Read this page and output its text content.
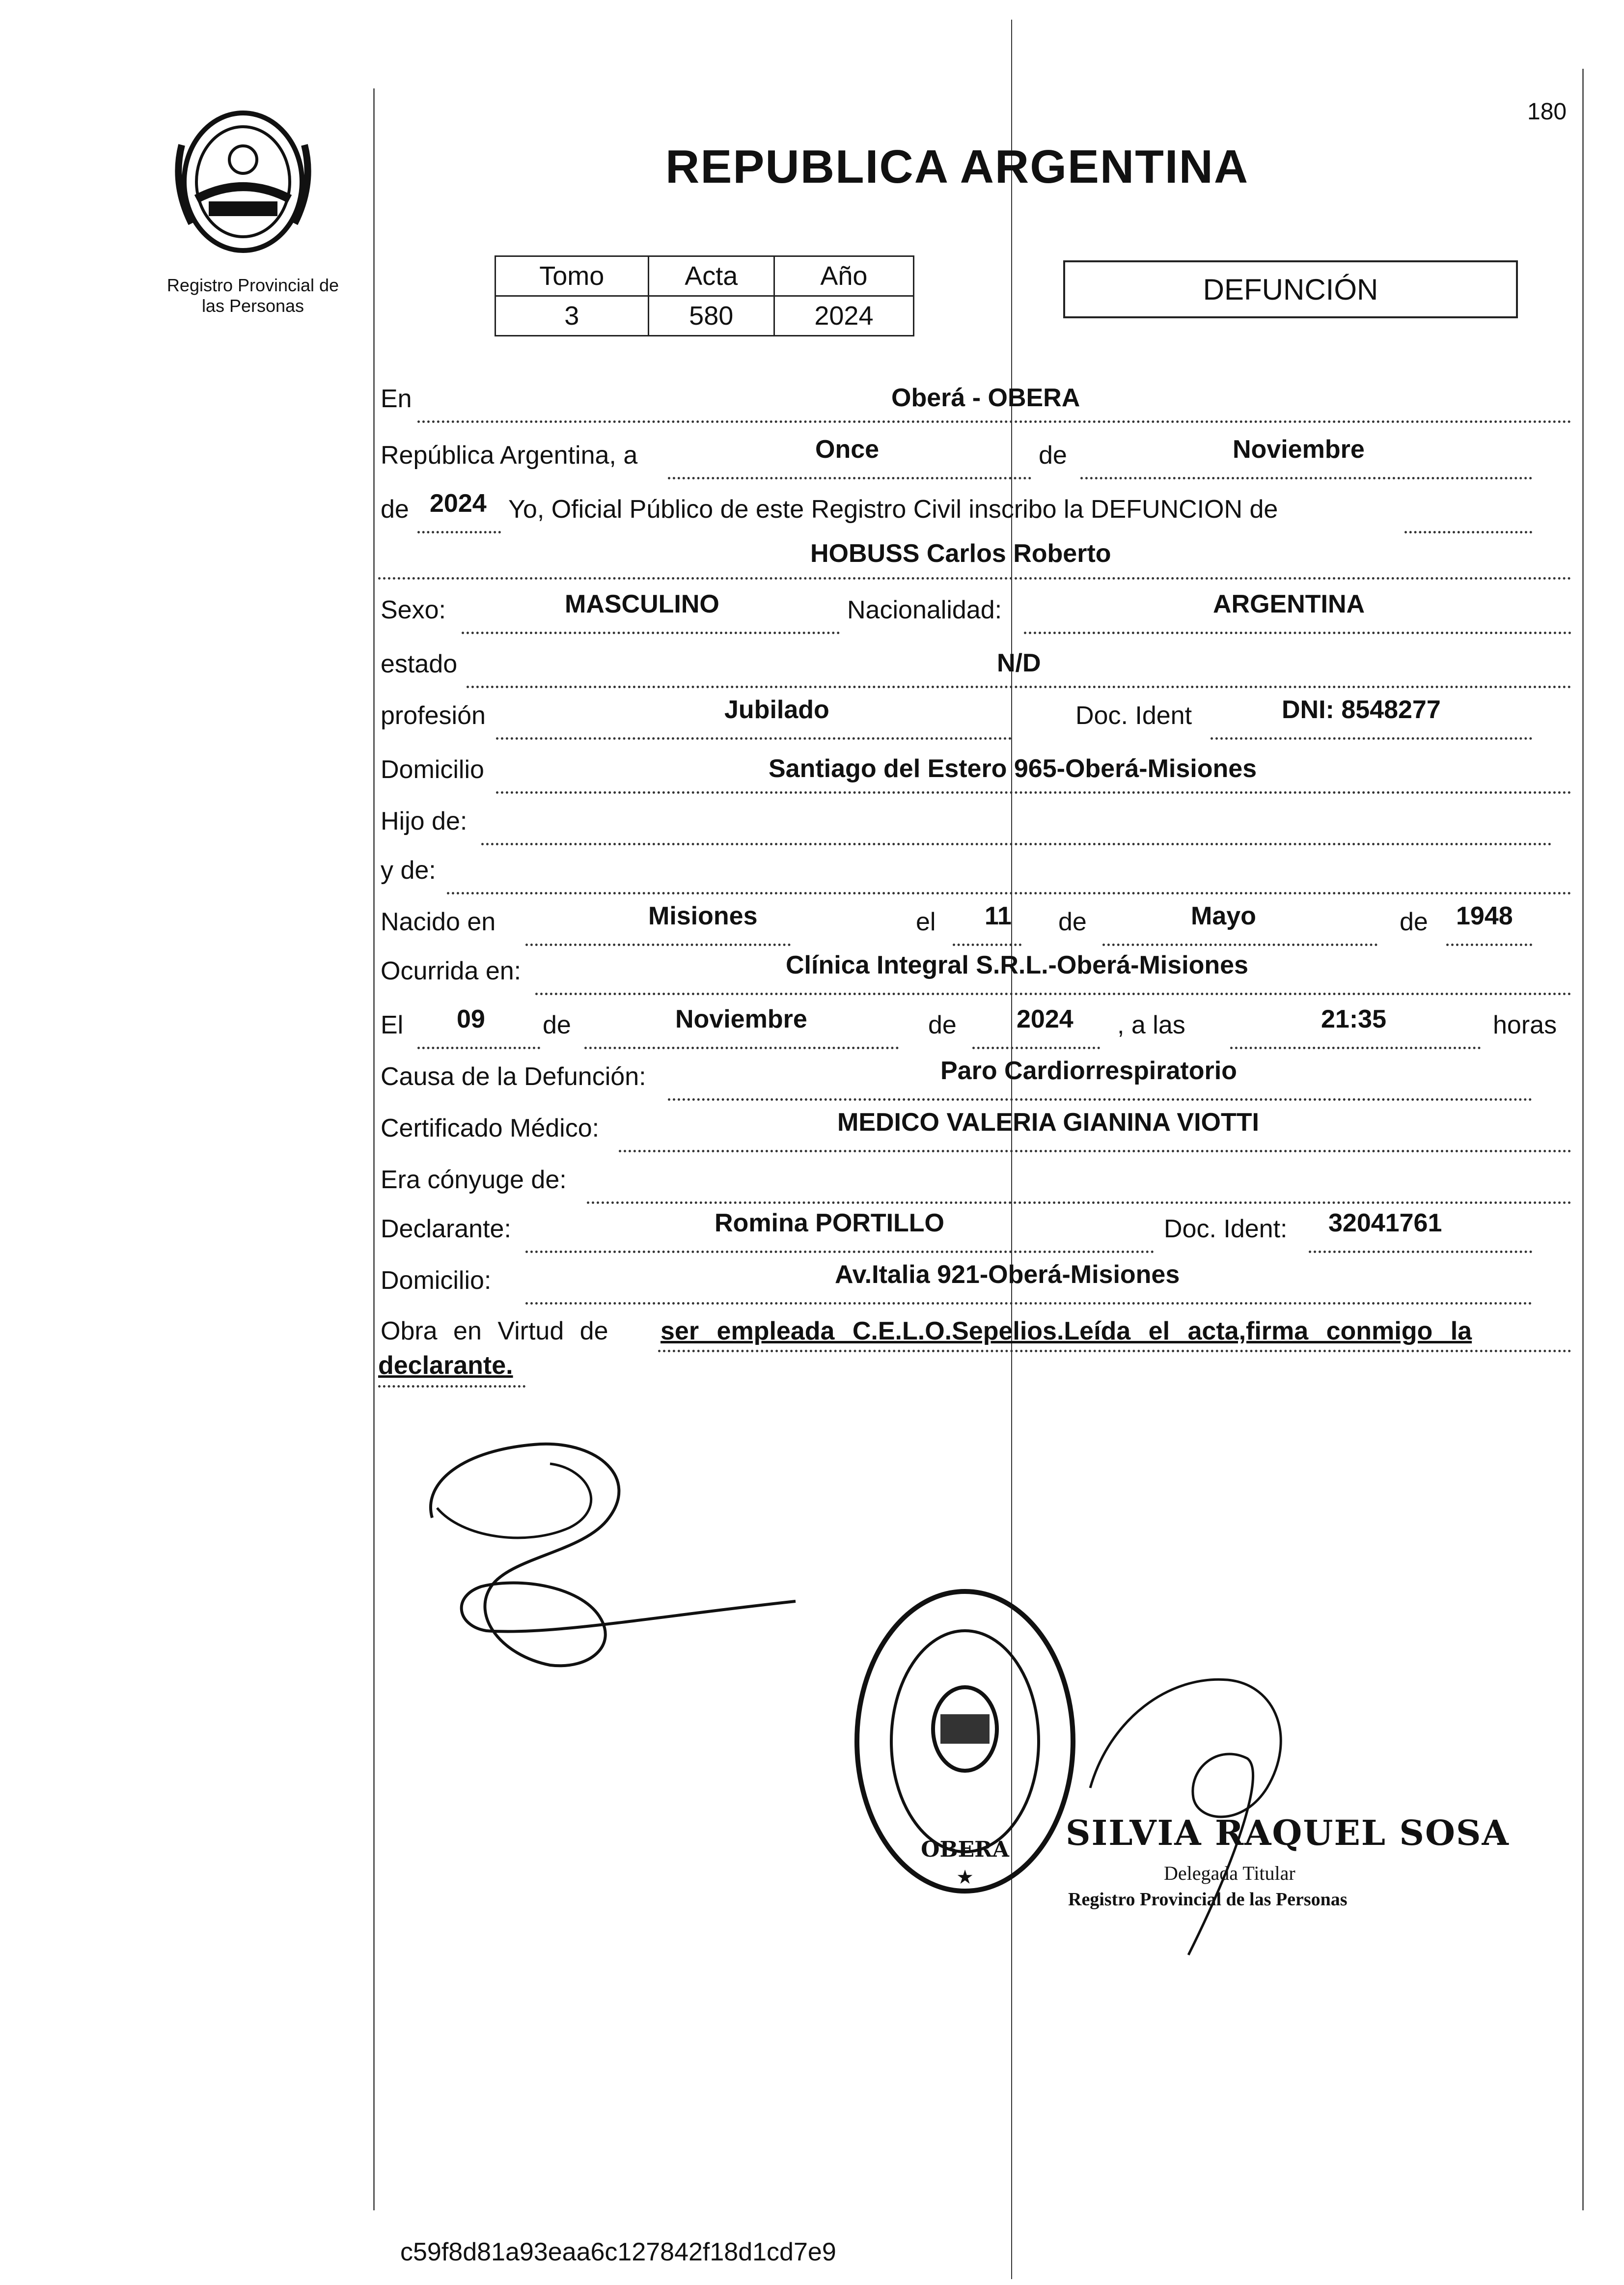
180
Registro Provincial de
las Personas
REPUBLICA ARGENTINA
Tomo	Acta	Año
3	580	2024
DEFUNCIÓN
En	Oberá - OBERA
República Argentina, a	Once	de	Noviembre
de 2024 Yo, Oficial Público de este Registro Civil inscribo la DEFUNCION de
HOBUSS Carlos Roberto
Sexo:	MASCULINO	Nacionalidad:	ARGENTINA
estado	N/D
profesión	Jubilado	Doc. Ident	DNI: 8548277
Domicilio	Santiago del Estero 965-Oberá-Misiones
Hijo de:
y de:
Nacido en	Misiones	el 11 de	Mayo	de 1948
Ocurrida en:	Clínica Integral S.R.L.-Oberá-Misiones
El 09 de	Noviembre	de 2024 , a las	21:35	horas
Causa de la Defunción:	Paro Cardiorrespiratorio
Certificado Médico:	MEDICO VALERIA GIANINA VIOTTI
Era cónyuge de:
Declarante:	Romina PORTILLO	Doc. Ident: 32041761
Domicilio:	Av.Italia 921-Oberá-Misiones
Obra en Virtud de ser empleada C.E.L.O.Sepelios.Leída el acta,firma conmigo la
declarante.
OBERA
★
SILVIA RAQUEL SOSA
Delegada Titular
Registro Provincial de las Personas
c59f8d81a93eaa6c127842f18d1cd7e9
